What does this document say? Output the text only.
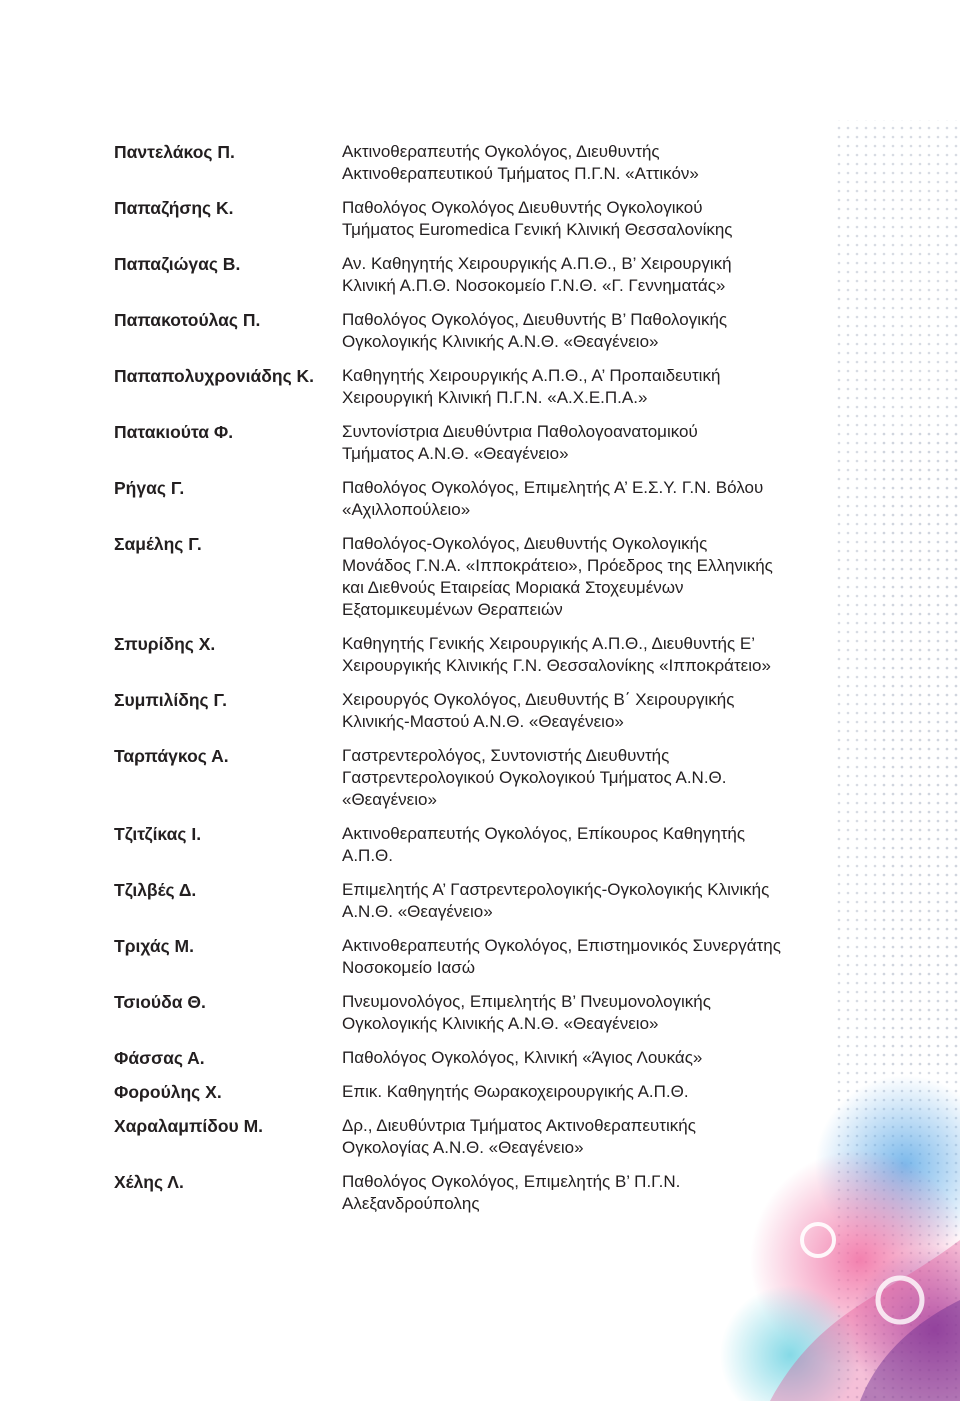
Παντελάκος Π.	Ακτινοθεραπευτής Ογκολόγος, Διευθυντής
Ακτινοθεραπευτικού Τμήματος Π.Γ.Ν. «Αττικόν»
Παπαζήσης Κ.	Παθολόγος Ογκολόγος Διευθυντής Ογκολογικού
Τμήματος Euromedica Γενική Κλινική Θεσσαλονίκης
Παπαζιώγας Β.	Αν. Καθηγητής Χειρουργικής Α.Π.Θ., Β’ Χειρουργική
Κλινική Α.Π.Θ. Νοσοκομείο Γ.Ν.Θ. «Γ. Γεννηματάς»
Παπακοτούλας Π.	Παθολόγος Ογκολόγος, Διευθυντής Β’ Παθολογικής
Ογκολογικής Κλινικής Α.Ν.Θ. «Θεαγένειο»
Παπαπολυχρονιάδης Κ.	Καθηγητής Χειρουργικής Α.Π.Θ., Α’ Προπαιδευτική
Χειρουργική Κλινική Π.Γ.Ν. «Α.Χ.Ε.Π.Α.»
Πατακιούτα Φ.	Συντονίστρια Διευθύντρια Παθολογοανατομικού
Τμήματος Α.Ν.Θ. «Θεαγένειο»
Ρήγας Γ.	Παθολόγος Ογκολόγος, Επιμελητής Α’ Ε.Σ.Υ. Γ.Ν. Βόλου
«Αχιλλοπούλειο»
Σαμέλης Γ.	Παθολόγος-Ογκολόγος, Διευθυντής Ογκολογικής
Μονάδος Γ.Ν.Α. «Ιπποκράτειο», Πρόεδρος της Ελληνικής
και Διεθνούς Εταιρείας Μοριακά Στοχευμένων
Εξατομικευμένων Θεραπειών
Σπυρίδης Χ.	Καθηγητής Γενικής Χειρουργικής Α.Π.Θ., Διευθυντής Ε’
Χειρουργικής Κλινικής Γ.Ν. Θεσσαλονίκης «Ιπποκράτειο»
Συμπιλίδης Γ.	Χειρουργός Ογκολόγος, Διευθυντής Β΄ Χειρουργικής
Κλινικής-Μαστού Α.Ν.Θ. «Θεαγένειο»
Ταρπάγκος Α.	Γαστρεντερολόγος, Συντονιστής Διευθυντής
Γαστρεντερολογικού Ογκολογικού Τμήματος Α.Ν.Θ.
«Θεαγένειο»
Τζιτζίκας Ι.	Ακτινοθεραπευτής Ογκολόγος, Επίκουρος Καθηγητής
Α.Π.Θ.
Τζιλβές Δ.	Επιμελητής Α’ Γαστρεντερολογικής-Ογκολογικής Κλινικής
Α.Ν.Θ. «Θεαγένειο»
Τριχάς Μ.	Ακτινοθεραπευτής Ογκολόγος, Επιστημονικός Συνεργάτης
Νοσοκομείο Ιασώ
Τσιούδα Θ.	Πνευμονολόγος, Επιμελητής Β’ Πνευμονολογικής
Ογκολογικής Κλινικής Α.Ν.Θ. «Θεαγένειο»
Φάσσας Α.	Παθολόγος Ογκολόγος, Κλινική «Άγιος Λουκάς»
Φορούλης Χ.	Επικ. Καθηγητής Θωρακοχειρουργικής Α.Π.Θ.
Χαραλαμπίδου Μ.	Δρ., Διευθύντρια Τμήματος Ακτινοθεραπευτικής
Ογκολογίας Α.Ν.Θ. «Θεαγένειο»
Χέλης Λ.	Παθολόγος Ογκολόγος, Επιμελητής Β’ Π.Γ.Ν.
Αλεξανδρούπολης
